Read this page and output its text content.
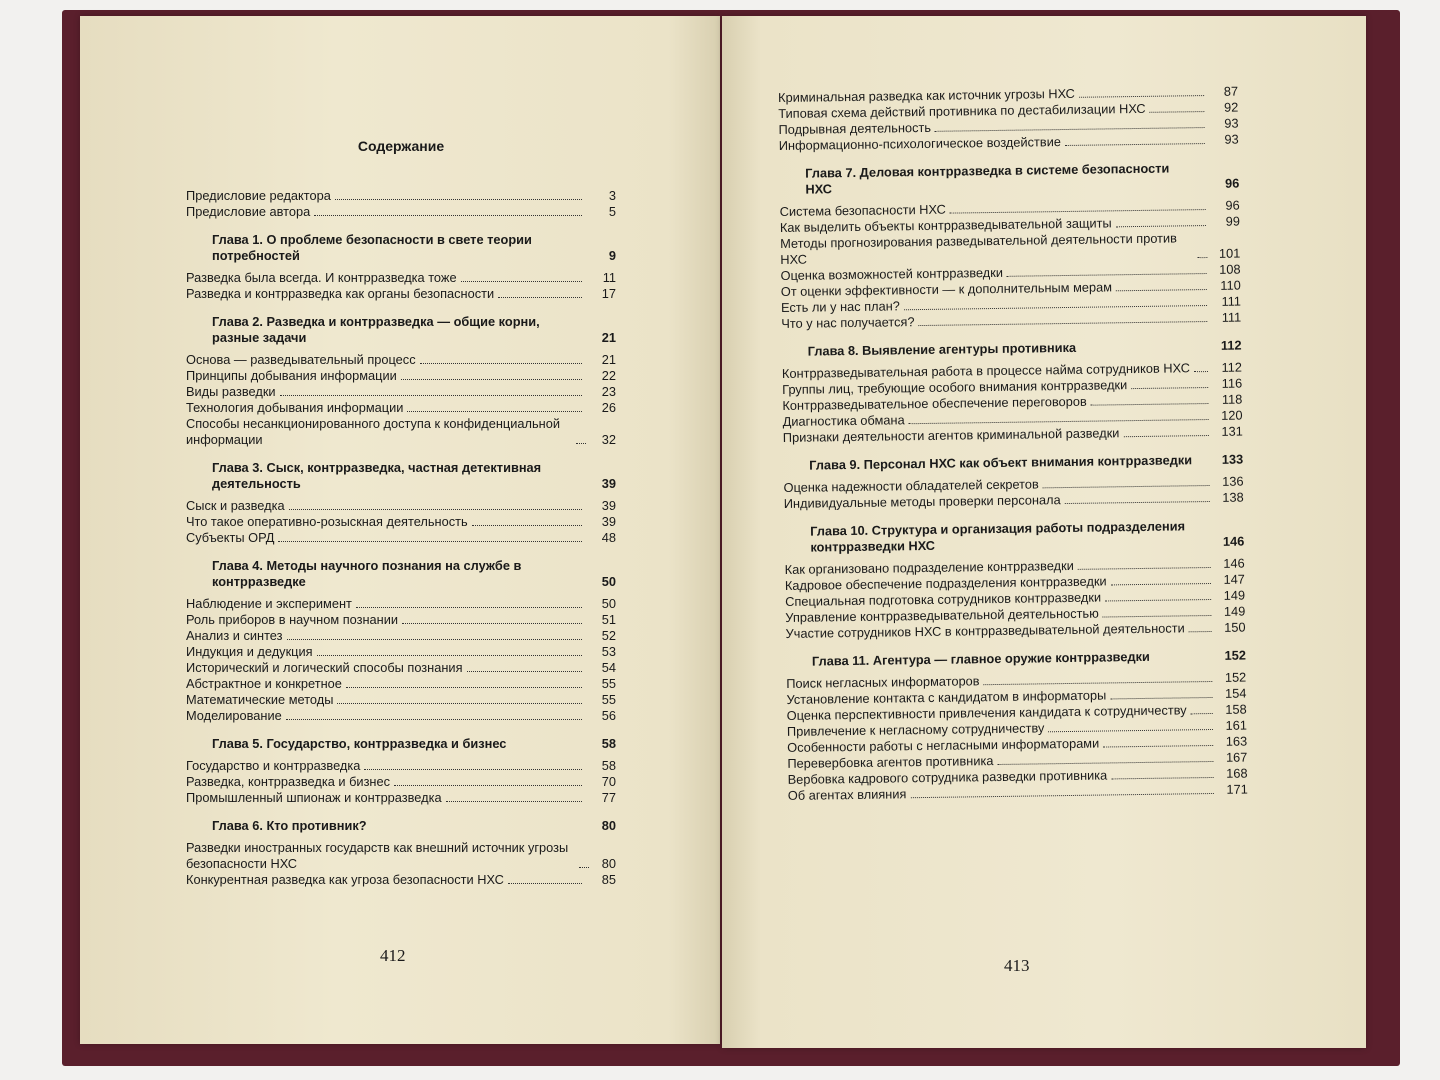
Содержание
Предисловие редактора	3
Предисловие автора	5
Глава 1. О проблеме безопасности в свете теории потребностей	9
Разведка была всегда. И контрразведка тоже	11
Разведка и контрразведка как органы безопасности	17
Глава 2. Разведка и контрразведка — общие корни, разные задачи	21
Основа — разведывательный процесс	21
Принципы добывания информации	22
Виды разведки	23
Технология добывания информации	26
Способы несанкционированного доступа к конфиденциальной информации	32
Глава 3. Сыск, контрразведка, частная детективная деятельность	39
Сыск и разведка	39
Что такое оперативно-розыскная деятельность	39
Субъекты ОРД	48
Глава 4. Методы научного познания на службе в контрразведке	50
Наблюдение и эксперимент	50
Роль приборов в научном познании	51
Анализ и синтез	52
Индукция и дедукция	53
Исторический и логический способы познания	54
Абстрактное и конкретное	55
Математические методы	55
Моделирование	56
Глава 5. Государство, контрразведка и бизнес	58
Государство и контрразведка	58
Разведка, контрразведка и бизнес	70
Промышленный шпионаж и контрразведка	77
Глава 6. Кто противник?	80
Разведки иностранных государств как внешний источник угрозы безопасности НХС	80
Конкурентная разведка как угроза безопасности НХС	85
412
Криминальная разведка как источник угрозы НХС	87
Типовая схема действий противника по дестабилизации НХС	92
Подрывная деятельность	93
Информационно-психологическое воздействие	93
Глава 7. Деловая контрразведка в системе безопасности НХС	96
Система безопасности НХС	96
Как выделить объекты контрразведывательной защиты	99
Методы прогнозирования разведывательной деятельности против НХС	101
Оценка возможностей контрразведки	108
От оценки эффективности — к дополнительным мерам	110
Есть ли у нас план?	111
Что у нас получается?	111
Глава 8. Выявление агентуры противника	112
Контрразведывательная работа в процессе найма сотрудников НХС	112
Группы лиц, требующие особого внимания контрразведки	116
Контрразведывательное обеспечение переговоров	118
Диагностика обмана	120
Признаки деятельности агентов криминальной разведки	131
Глава 9. Персонал НХС как объект внимания контрразведки	133
Оценка надежности обладателей секретов	136
Индивидуальные методы проверки персонала	138
Глава 10. Структура и организация работы подразделения контрразведки НХС	146
Как организовано подразделение контрразведки	146
Кадровое обеспечение подразделения контрразведки	147
Специальная подготовка сотрудников контрразведки	149
Управление контрразведывательной деятельностью	149
Участие сотрудников НХС в контрразведывательной деятельности	150
Глава 11. Агентура — главное оружие контрразведки	152
Поиск негласных информаторов	152
Установление контакта с кандидатом в информаторы	154
Оценка перспективности привлечения кандидата к сотрудничеству	158
Привлечение к негласному сотрудничеству	161
Особенности работы с негласными информаторами	163
Перевербовка агентов противника	167
Вербовка кадрового сотрудника разведки противника	168
Об агентах влияния	171
413
